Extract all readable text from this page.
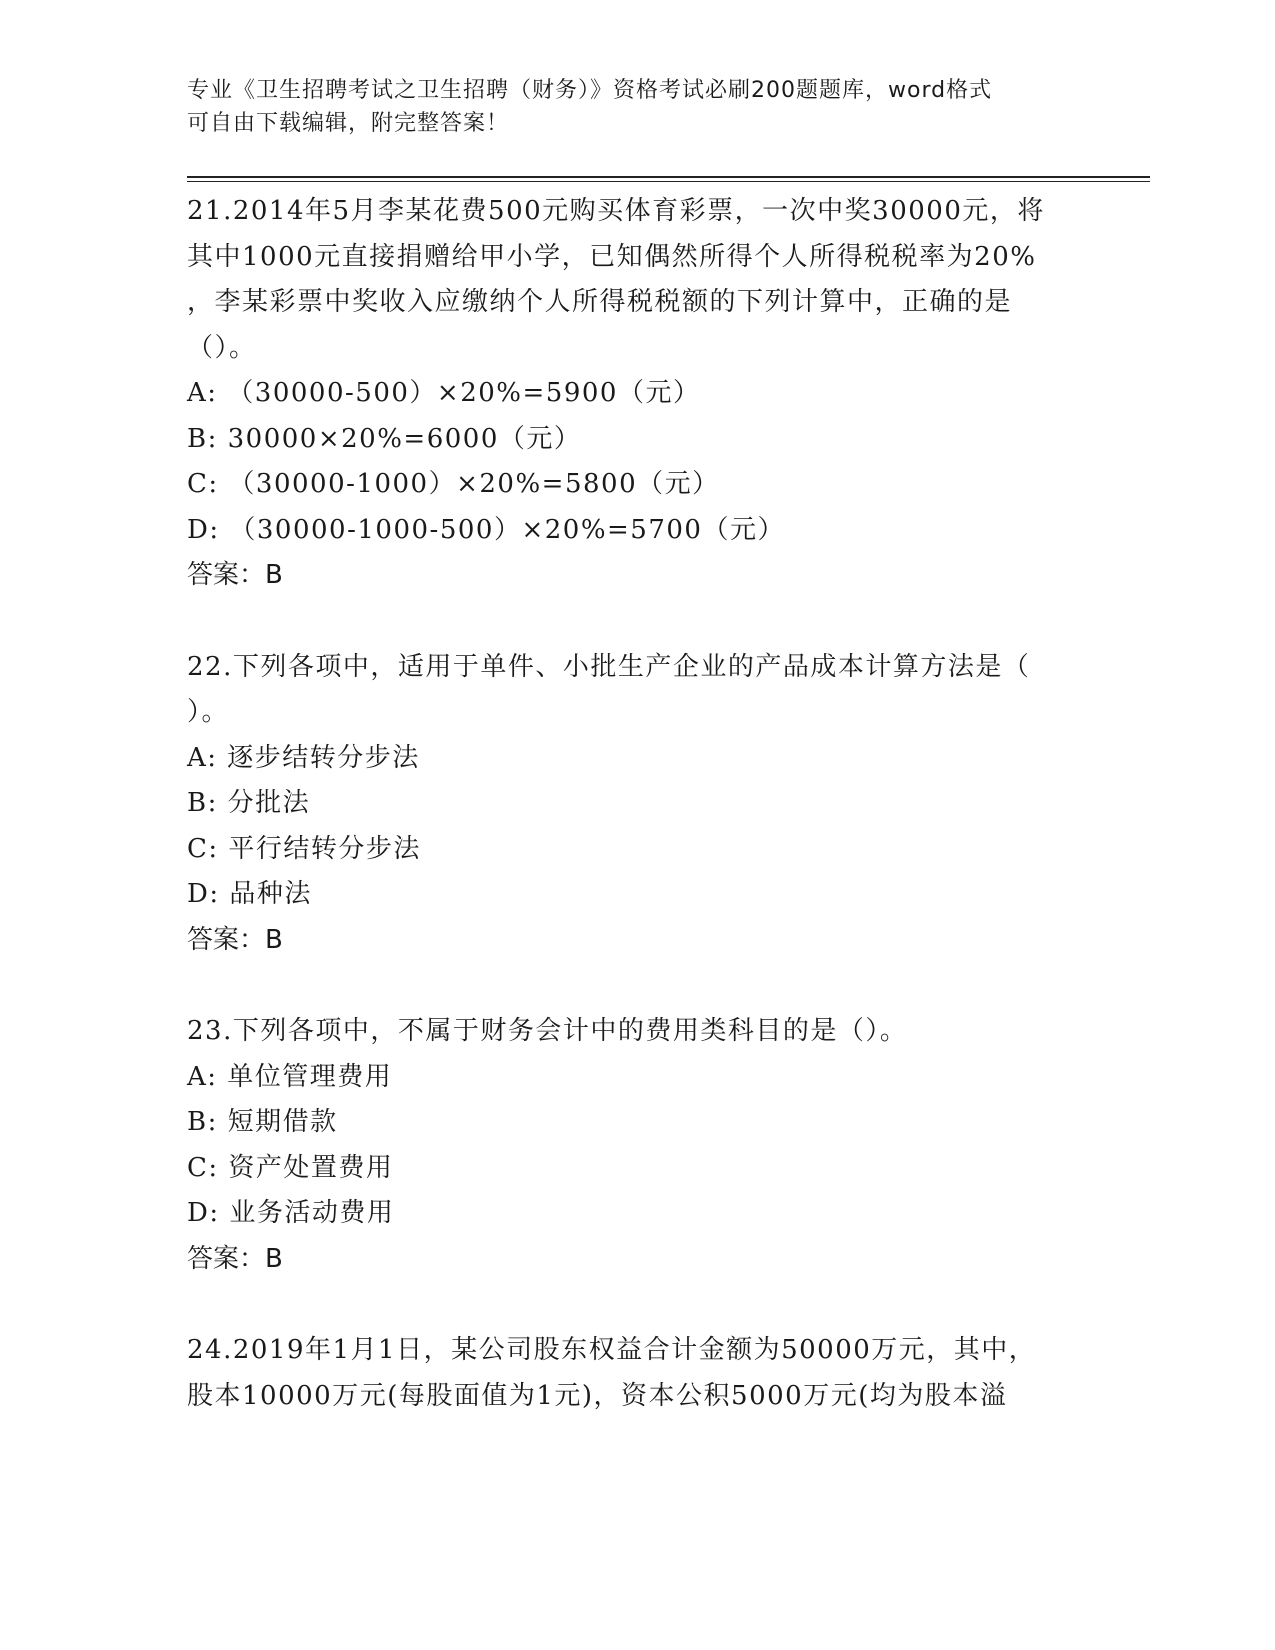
专业《卫生招聘考试之卫生招聘（财务）》资格考试必刷200题题库，word格式
可自由下载编辑，附完整答案！
21.2014年5月李某花费500元购买体育彩票，一次中奖30000元，将
其中1000元直接捐赠给甲小学，已知偶然所得个人所得税税率为20%
，李某彩票中奖收入应缴纳个人所得税税额的下列计算中，正确的是
（）。
A: （30000-500）×20%=5900（元）
B: 30000×20%=6000（元）
C: （30000-1000）×20%=5800（元）
D: （30000-1000-500）×20%=5700（元）
答案：B
22.下列各项中，适用于单件、小批生产企业的产品成本计算方法是（
）。
A: 逐步结转分步法
B: 分批法
C: 平行结转分步法
D: 品种法
答案：B
23.下列各项中，不属于财务会计中的费用类科目的是（）。
A: 单位管理费用
B: 短期借款
C: 资产处置费用
D: 业务活动费用
答案：B
24.2019年1月1日，某公司股东权益合计金额为50000万元，其中，
股本10000万元(每股面值为1元)，资本公积5000万元(均为股本溢
